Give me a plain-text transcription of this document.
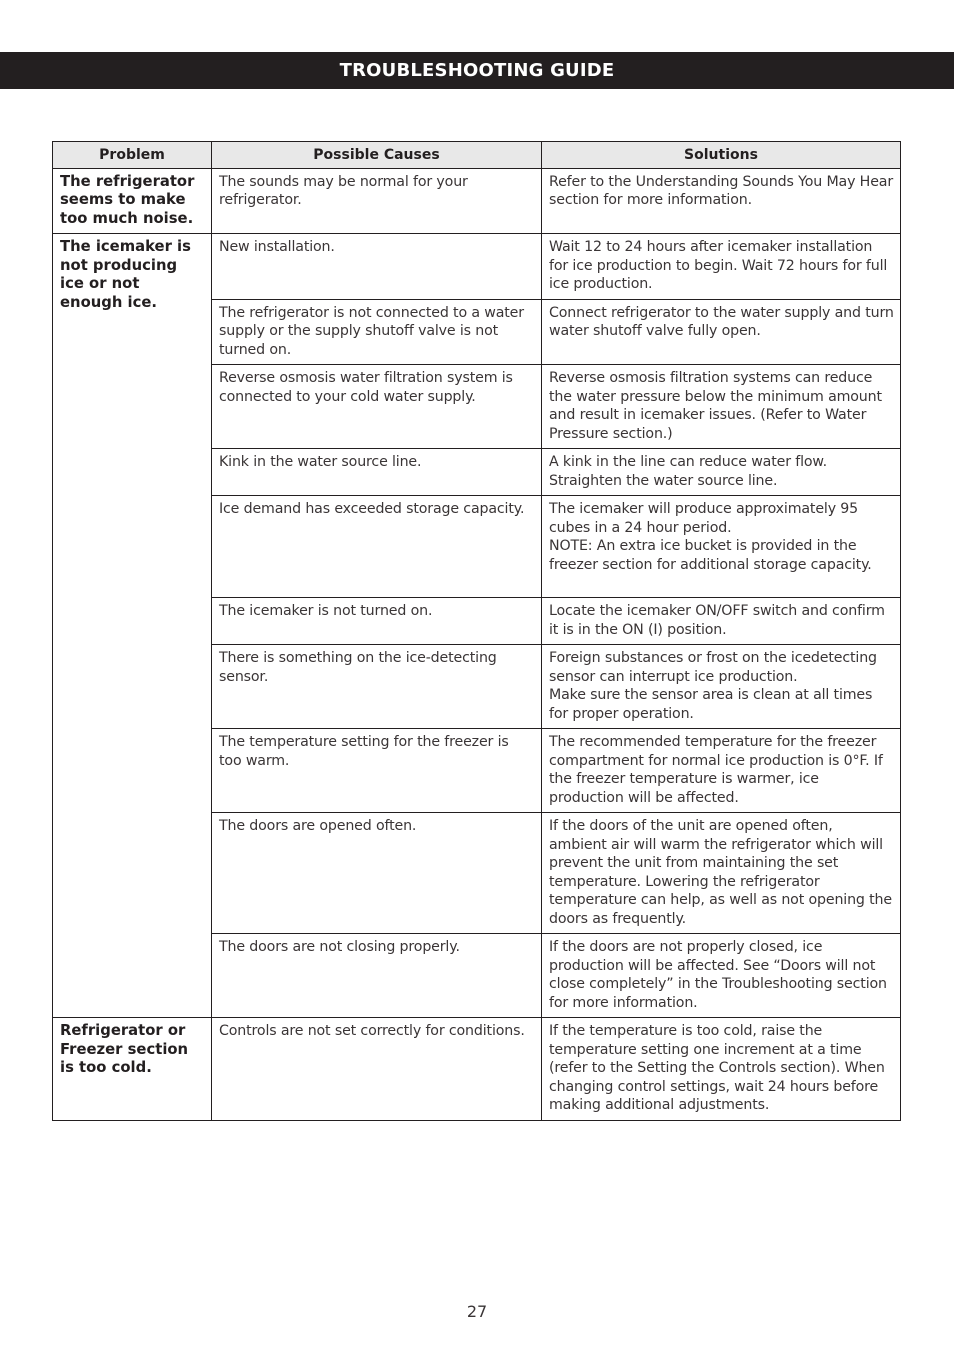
TROUBLESHOOTING GUIDE
Problem	Possible Causes	Solutions
The refrigerator seems to make too much noise.	The sounds may be normal for your refrigerator.	Refer to the Understanding Sounds You May Hear section for more information.
The icemaker is not producing ice or not enough ice.	New installation.	Wait 12 to 24 hours after icemaker installation for ice production to begin. Wait 72 hours for full ice production.
	The refrigerator is not connected to a water supply or the supply shutoff valve is not turned on.	Connect refrigerator to the water supply and turn water shutoff valve fully open.
	Reverse osmosis water filtration system is connected to your cold water supply.	Reverse osmosis filtration systems can reduce the water pressure below the minimum amount and result in icemaker issues. (Refer to Water Pressure section.)
	Kink in the water source line.	A kink in the line can reduce water flow. Straighten the water source line.
	Ice demand has exceeded storage capacity.	The icemaker will produce approximately 95 cubes in a 24 hour period.
NOTE: An extra ice bucket is provided in the freezer section for additional storage capacity.

	The icemaker is not turned on.	Locate the icemaker ON/OFF switch and confirm it is in the ON (I) position.
	There is something on the ice-detecting sensor.	Foreign substances or frost on the icedetecting sensor can interrupt ice production.
Make sure the sensor area is clean at all times for proper operation.

	The temperature setting for the freezer is too warm.	The recommended temperature for the freezer compartment for normal ice production is 0°F. If the freezer temperature is warmer, ice production will be affected.
	The doors are opened often.	If the doors of the unit are opened often, ambient air will warm the refrigerator which will prevent the unit from maintaining the set temperature. Lowering the refrigerator temperature can help, as well as not opening the doors as frequently.
	The doors are not closing properly.	If the doors are not properly closed, ice production will be affected. See “Doors will not close completely” in the Troubleshooting section for more information.
Refrigerator or Freezer section is too cold.	Controls are not set correctly for conditions.	If the temperature is too cold, raise the temperature setting one increment at a time (refer to the Setting the Controls section). When changing control settings, wait 24 hours before making additional adjustments.
27
